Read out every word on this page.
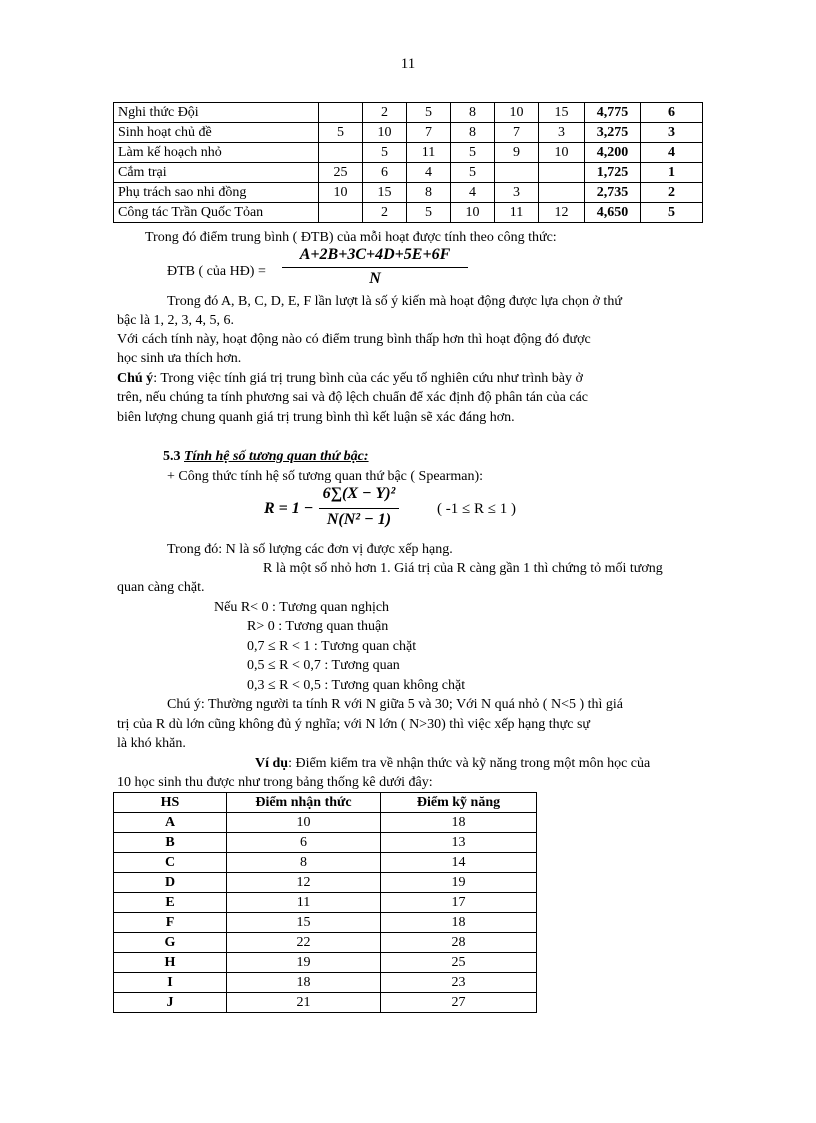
11
Nghi thức Đội		2	5	8	10	15	4,775	6
Sinh hoạt chủ đề	5	10	7	8	7	3	3,275	3
Làm kế hoạch nhỏ		5	11	5	9	10	4,200	4
Cắm trại	25	6	4	5			1,725	1
Phụ trách sao nhi đồng	10	15	8	4	3		2,735	2
Công tác Trần Quốc Tỏan		2	5	10	11	12	4,650	5
Trong đó điểm trung bình ( ĐTB) của mỗi hoạt được tính theo công thức:
ĐTB ( của HĐ) =
A+2B+3C+4D+5E+6F
N
Trong đó A, B, C, D, E, F lần lượt là số ý kiến mà hoạt động được lựa chọn ở thứ
bậc là 1, 2, 3, 4, 5, 6.
Với cách tính này, hoạt động nào có điểm trung bình thấp hơn thì hoạt động đó được
học sinh ưa thích hơn.
Chú ý: Trong việc tính giá trị trung bình của các yếu tố nghiên cứu như trình bày ở
trên, nếu chúng ta tính phương sai và độ lệch chuẩn để xác định độ phân tán của các
biên lượng chung quanh giá trị trung bình thì kết luận sẽ xác đáng hơn.
5.3 Tính hệ số tương quan thứ bậc:
+ Công thức tính hệ số tương quan thứ bậc ( Spearman):
R = 1 −
6∑(X − Y)²
N(N² − 1)
( -1 ≤ R ≤ 1 )
Trong đó: N là số lượng các đơn vị được xếp hạng.
R là một số nhỏ hơn 1. Giá trị của R càng gần 1 thì chứng tỏ mối tương
quan càng chặt.
Nếu R< 0 : Tương quan nghịch
R> 0 : Tương quan thuận
0,7 ≤ R < 1 : Tương quan chặt
0,5 ≤ R < 0,7 : Tương quan
0,3 ≤ R < 0,5 : Tương quan không chặt
Chú ý: Thường người ta tính R với N giữa 5 và 30; Với N quá nhỏ ( N<5 ) thì giá
trị của R dù lớn cũng không đủ ý nghĩa; với N lớn ( N>30) thì việc xếp hạng thực sự
là khó khăn.
Ví dụ: Điểm kiểm tra về nhận thức và kỹ năng trong một môn học của
10 học sinh thu được như trong bảng thống kê dưới đây:
HS	Điểm nhận thức	Điểm kỹ năng
A	10	18
B	6	13
C	8	14
D	12	19
E	11	17
F	15	18
G	22	28
H	19	25
I	18	23
J	21	27
